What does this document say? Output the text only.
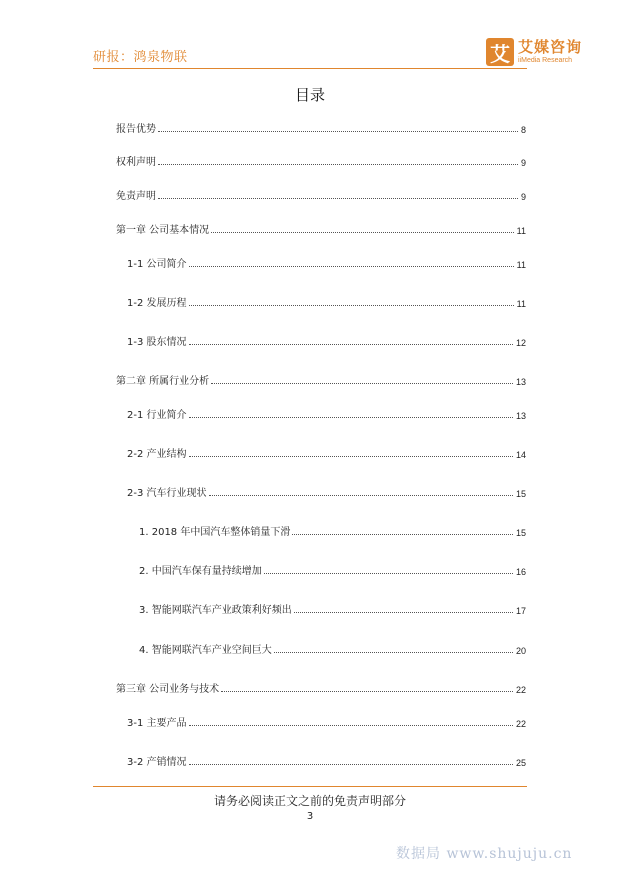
研报：鸿泉物联	艾 艾媒咨询
iiMedia Research
目录
报告优势	8
权利声明	9
免责声明	9
第一章 公司基本情况	11
1-1 公司简介	11
1-2 发展历程	11
1-3 股东情况	12
第二章 所属行业分析	13
2-1 行业简介	13
2-2 产业结构	14
2-3 汽车行业现状	15
1. 2018 年中国汽车整体销量下滑	15
2. 中国汽车保有量持续增加	16
3. 智能网联汽车产业政策利好频出	17
4. 智能网联汽车产业空间巨大	20
第三章 公司业务与技术	22
3-1 主要产品	22
3-2 产销情况	25
请务必阅读正文之前的免责声明部分
3
数据局 www.shujuju.cn
